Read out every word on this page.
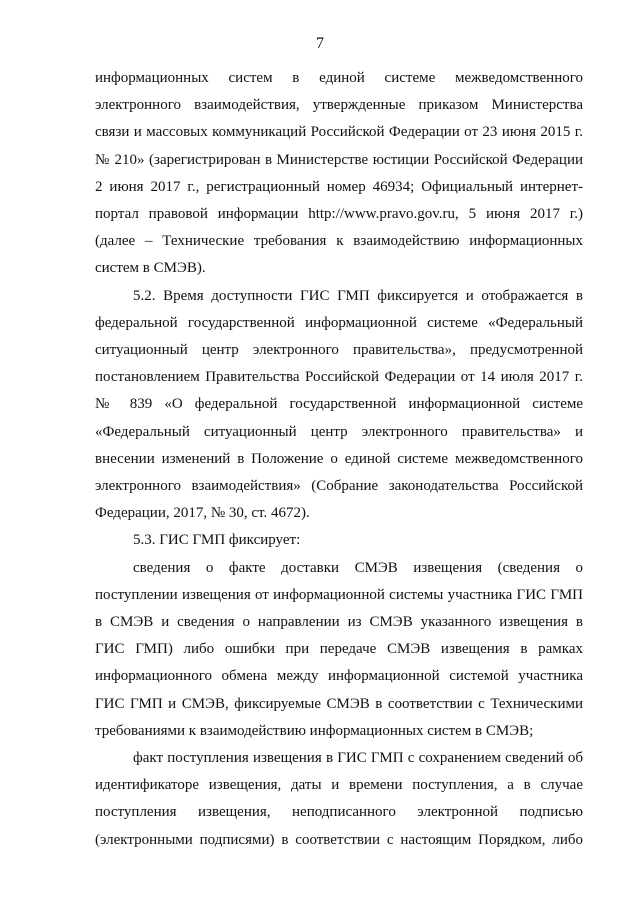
7

информационных систем в единой системе межведомственного
электронного взаимодействия, утвержденные приказом Министерства
связи и массовых коммуникаций Российской Федерации от 23 июня 2015 г.
№ 210» (зарегистрирован в Министерстве юстиции Российской Федерации
2 июня 2017 г., регистрационный номер 46934; Официальный интернет-
портал правовой информации http://www.pravo.gov.ru, 5 июня 2017 г.)
(далее – Технические требования к взаимодействию информационных
систем в СМЭВ).

5.2. Время доступности ГИС ГМП фиксируется и отображается в
федеральной государственной информационной системе «Федеральный
ситуационный центр электронного правительства», предусмотренной
постановлением Правительства Российской Федерации от 14 июля 2017 г.
№ 839 «О федеральной государственной информационной системе
«Федеральный ситуационный центр электронного правительства» и
внесении изменений в Положение о единой системе межведомственного
электронного взаимодействия» (Собрание законодательства Российской
Федерации, 2017, № 30, ст. 4672).

5.3. ГИС ГМП фиксирует:

сведения о факте доставки СМЭВ извещения (сведения о
поступлении извещения от информационной системы участника ГИС ГМП
в СМЭВ и сведения о направлении из СМЭВ указанного извещения в
ГИС ГМП) либо ошибки при передаче СМЭВ извещения в рамках
информационного обмена между информационной системой участника
ГИС ГМП и СМЭВ, фиксируемые СМЭВ в соответствии с Техническими
требованиями к взаимодействию информационных систем в СМЭВ;

факт поступления извещения в ГИС ГМП с сохранением сведений об
идентификаторе извещения, даты и времени поступления, а в случае
поступления извещения, неподписанного электронной подписью
(электронными подписями) в соответствии с настоящим Порядком, либо
